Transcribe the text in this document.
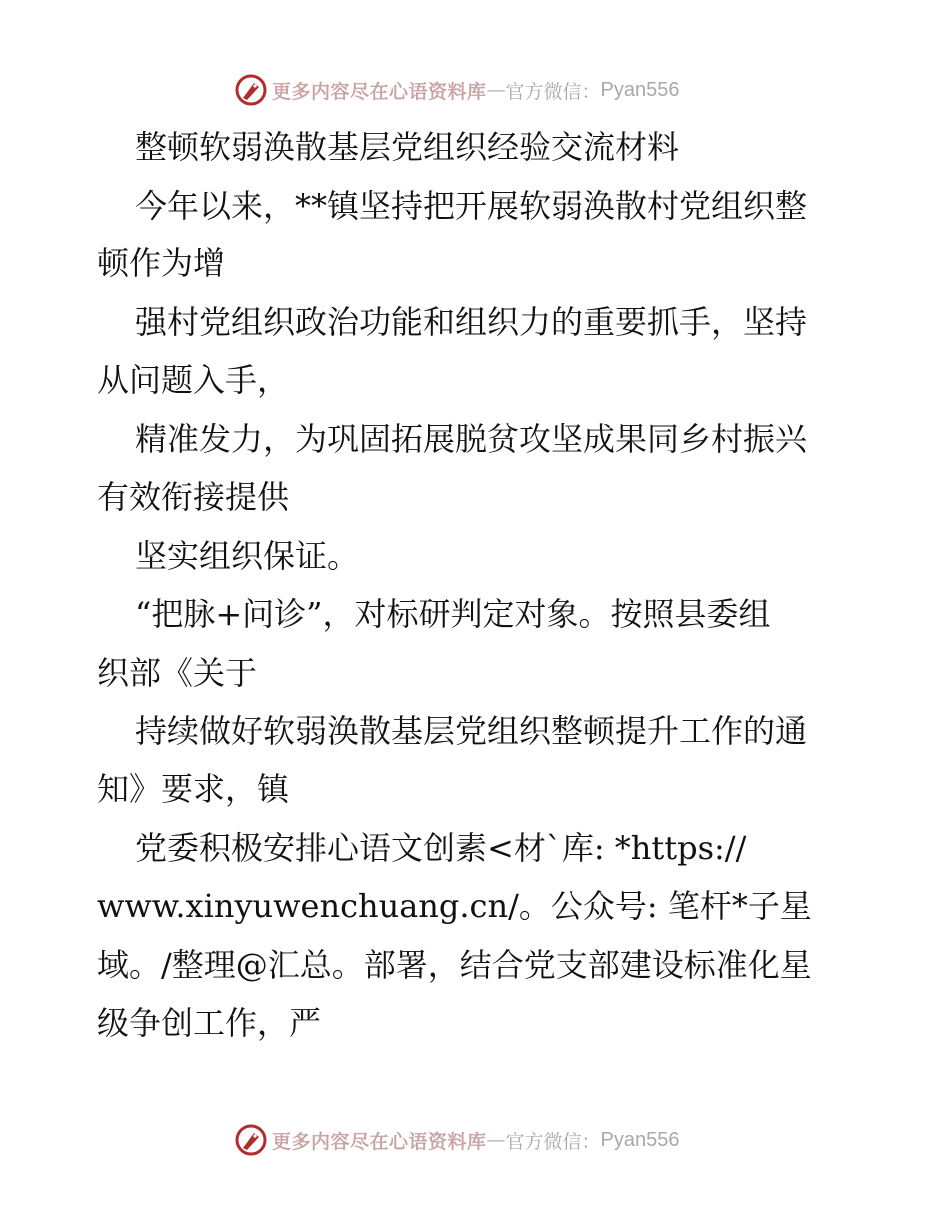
更多内容尽在心语资料库 — 官方微信： Pyan556

整顿软弱涣散基层党组织经验交流材料

今年以来，**镇坚持把开展软弱涣散村党组织整

顿作为增

强村党组织政治功能和组织力的重要抓手，坚持

从问题入手，

精准发力，为巩固拓展脱贫攻坚成果同乡村振兴

有效衔接提供

坚实组织保证。

“把脉+问诊”，对标研判定对象。按照县委组

织部《关于

持续做好软弱涣散基层党组织整顿提升工作的通

知》要求，镇

党委积极安排心语文创素<材`库: *https://

www.xinyuwenchuang.cn/。公众号: 笔杆*子星

域。/整理@汇总。部署，结合党支部建设标准化星

级争创工作，严

更多内容尽在心语资料库 — 官方微信： Pyan556
